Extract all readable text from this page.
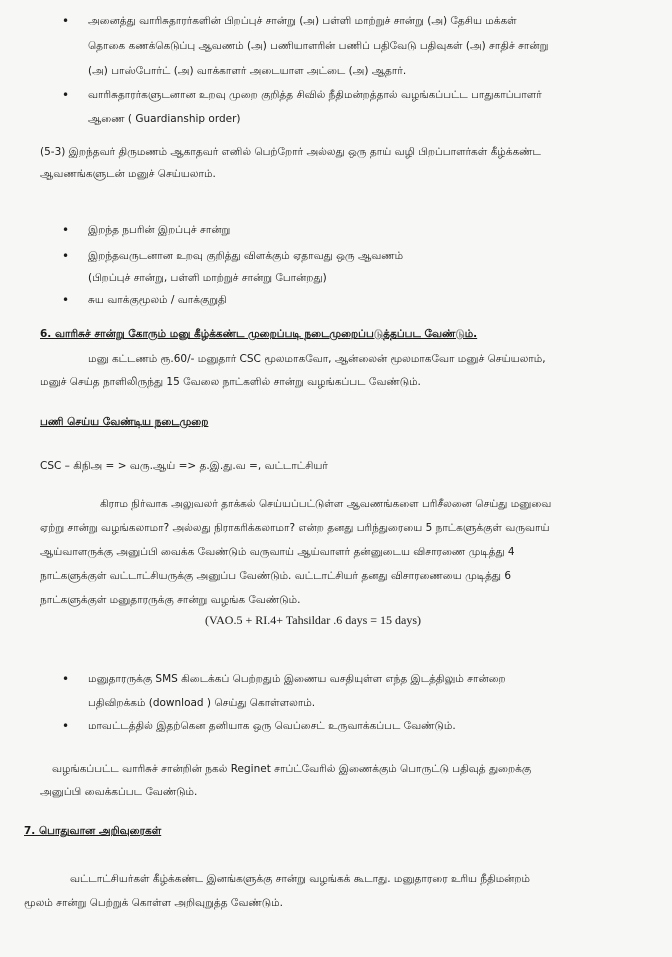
• அனைத்து வாரிசுதாரர்களின் பிறப்புச் சான்று (அ) பள்ளி மாற்றுச் சான்று (அ) தேசிய மக்கள்
தொகை கணக்கெடுப்பு ஆவணம் (அ) பணியாளரின் பணிப் பதிவேடு பதிவுகள் (அ) சாதிச் சான்று
(அ) பாஸ்போர்ட் (அ) வாக்காளர் அடையாள அட்டை (அ) ஆதார்.
• வாரிசுதாரர்களுடனான உறவு முறை குறித்த சிவில் நீதிமன்றத்தால் வழங்கப்பட்ட பாதுகாப்பாளர்
ஆணை ( Guardianship order)
(5-3) இறந்தவர் திருமணம் ஆகாதவர் எனில் பெற்றோர் அல்லது ஒரு தாய் வழி பிறப்பாளர்கள் கீழ்க்கண்ட
ஆவணங்களுடன் மனுச் செய்யலாம்.
• இறந்த நபரின் இறப்புச் சான்று
• இறந்தவருடனான உறவு குறித்து விளக்கும் ஏதாவது ஒரு ஆவணம்
(பிறப்புச் சான்று, பள்ளி மாற்றுச் சான்று போன்றது)
• சுய வாக்குமூலம் / வாக்குறுதி
6. வாரிசுச் சான்று கோரும் மனு கீழ்க்கண்ட முறைப்படி நடைமுறைப்படுத்தப்பட வேண்டும்.
மனு கட்டணம் ரூ.60/- மனுதார் CSC மூலமாகவோ, ஆன்லைன் மூலமாகவோ மனுச் செய்யலாம்,
மனுச் செய்த நாளிலிருந்து 15 வேலை நாட்களில் சான்று வழங்கப்பட வேண்டும்.
பணி செய்ய வேண்டிய நடைமுறை
CSC – கிநிஅ = > வரு.ஆய் => த.இ.து.வ =, வட்டாட்சியர்
கிராம நிர்வாக அலுவலர் தாக்கல் செய்யப்பட்டுள்ள ஆவணங்களை பரிசீலனை செய்து மனுவை
ஏற்று சான்று வழங்கலாமா? அல்லது நிராகரிக்கலாமா? என்ற தனது பரிந்துரையை 5 நாட்களுக்குள் வருவாய்
ஆய்வாளருக்கு அனுப்பி வைக்க வேண்டும் வருவாய் ஆய்வாளர் தன்னுடைய விசாரணை முடித்து 4
நாட்களுக்குள் வட்டாட்சியருக்கு அனுப்ப வேண்டும். வட்டாட்சியர் தனது விசாரணையை முடித்து 6
நாட்களுக்குள் மனுதாரருக்கு சான்று வழங்க வேண்டும்.
(VAO.5 + RI.4+ Tahsildar .6 days = 15 days)
• மனுதாரருக்கு SMS கிடைக்கப் பெற்றதும் இணைய வசதியுள்ள எந்த இடத்திலும் சான்றை
பதிவிறக்கம் (download ) செய்து கொள்ளலாம்.
• மாவட்டத்தில் இதற்கென தனியாக ஒரு வெப்சைட் உருவாக்கப்பட வேண்டும்.
வழங்கப்பட்ட வாரிசுச் சான்றின் நகல் Reginet சாப்ட்வேரில் இணைக்கும் பொருட்டு பதிவுத் துறைக்கு
அனுப்பி வைக்கப்பட வேண்டும்.
7. பொதுவான அறிவுரைகள்
வட்டாட்சியர்கள் கீழ்க்கண்ட இனங்களுக்கு சான்று வழங்கக் கூடாது. மனுதாரரை உரிய நீதிமன்றம்
மூலம் சான்று பெற்றுக் கொள்ள அறிவுறுத்த வேண்டும்.
